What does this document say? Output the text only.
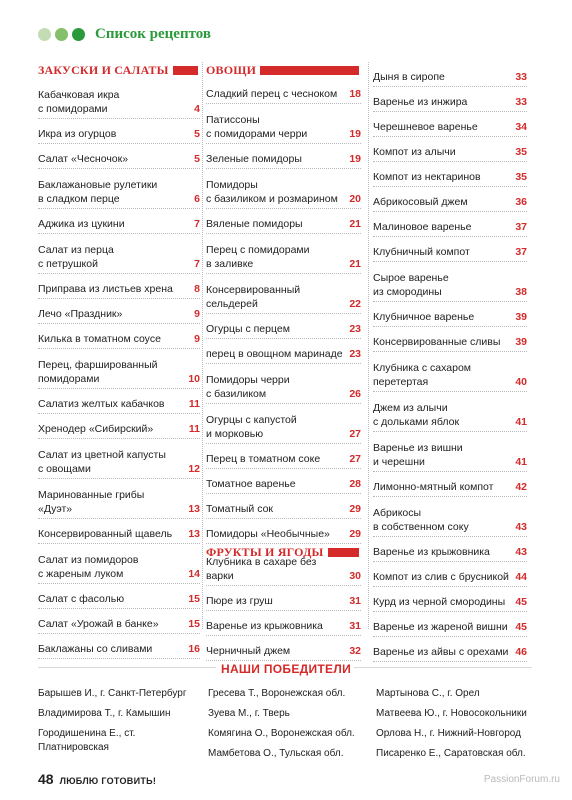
Список рецептов
ЗАКУСКИ И САЛАТЫ
Кабачковая икра
с помидорами	4
Икра из огурцов	5
Салат «Чесночок»	5
Баклажановые рулетики
в сладком перце	6
Аджика из цукини	7
Салат из перца
с петрушкой	7
Приправа из листьев хрена 8
Лечо «Праздник»	9
Килька в томатном соусе	9
Перец, фаршированный
помидорами	10
Салатиз желтых кабачков 11
Хренодер «Сибирский»	11
Салат из цветной капусты
с овощами	12
Маринованные грибы
«Дуэт»	13
Консервированный щавель 13
Салат из помидоров
с жареным луком	14
Салат с фасолью	15
Салат «Урожай в банке»	15
Баклажаны со сливами	16
ОВОЩИ
Сладкий перец с чесноком 18
Патиссоны
с помидорами черри	19
Зеленые помидоры	19
Помидоры
с базиликом и розмарином 20
Вяленые помидоры	21
Перец с помидорами
в заливке	21
Консервированный
сельдерей	22
Огурцы с перцем	23
перец в овощном маринаде 23
Помидоры черри
с базиликом	26
Огурцы с капустой
и морковью	27
Перец в томатном соке	27
Томатное варенье	28
Томатный сок	29
Помидоры «Необычные» 29
ФРУКТЫ И ЯГОДЫ
Клубника в сахаре без варки	30
Пюре из груш	31
Варенье из крыжовника	31
Черничный джем	32
Дыня в сиропе	33
Варенье из инжира	33
Черешневое варенье	34
Компот из алычи	35
Компот из нектаринов	35
Абрикосовый джем	36
Малиновое варенье	37
Клубничный компот	37
Сырое варенье
из смородины	38
Клубничное варенье	39
Консервированные сливы 39
Клубника с сахаром
перетертая	40
Джем из алычи
с дольками яблок	41
Варенье из вишни
и черешни	41
Лимонно-мятный компот 42
Абрикосы
в собственном соку	43
Варенье из крыжовника 43
Компот из слив с брусникой 44
Курд из черной смородины 45
Варенье из жареной вишни 45
Варенье из айвы с орехами 46
НАШИ ПОБЕДИТЕЛИ
Барышев И., г. Санкт-Петербург
Владимирова Т., г. Камышин
Городишенина Е., ст. Платнировская
Гресева Т., Воронежская обл.
Зуева М., г. Тверь
Комягина О., Воронежская обл.
Мамбетова О., Тульская обл.
Мартынова С., г. Орел
Матвеева Ю., г. Новосокольники
Орлова Н., г. Нижний-Новгород
Писаренко Е., Саратовская обл.
48 ЛЮБЛЮ ГОТОВИТЬ!	PassionForum.ru
